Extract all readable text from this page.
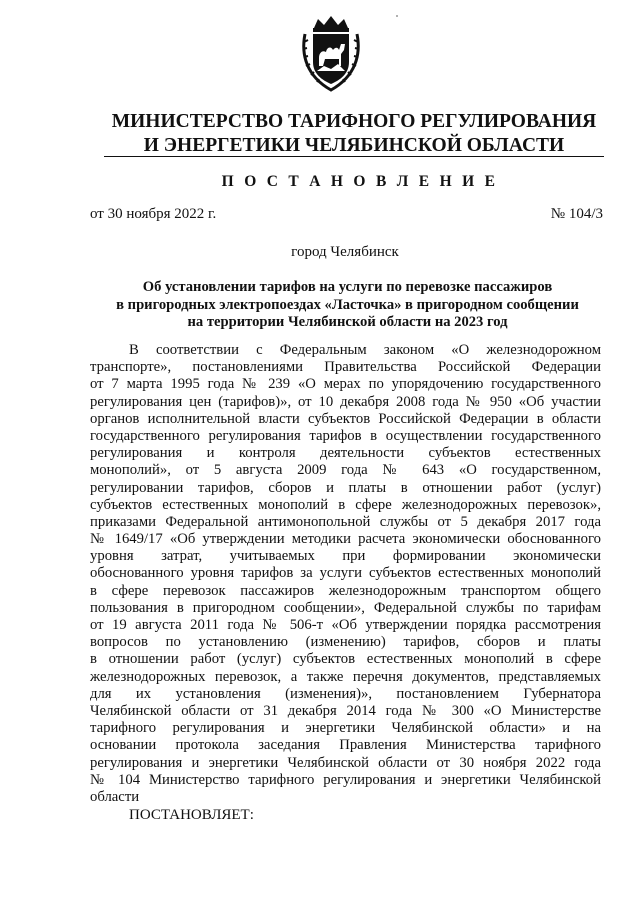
МИНИСТЕРСТВО ТАРИФНОГО РЕГУЛИРОВАНИЯ
И ЭНЕРГЕТИКИ ЧЕЛЯБИНСКОЙ ОБЛАСТИ
П О С Т А Н О В Л Е Н И Е
от 30 ноября 2022 г.	№ 104/3
город Челябинск
Об установлении тарифов на услуги по перевозке пассажиров
в пригородных электропоездах «Ласточка» в пригородном сообщении
на территории Челябинской области на 2023 год
В соответствии с Федеральным законом «О железнодорожном
транспорте», постановлениями Правительства Российской Федерации
от 7 марта 1995 года № 239 «О мерах по упорядочению государственного
регулирования цен (тарифов)», от 10 декабря 2008 года № 950 «Об участии
органов исполнительной власти субъектов Российской Федерации в области
государственного регулирования тарифов в осуществлении государственного
регулирования и контроля деятельности субъектов естественных
монополий», от 5 августа 2009 года № 643 «О государственном,
регулировании тарифов, сборов и платы в отношении работ (услуг)
субъектов естественных монополий в сфере железнодорожных перевозок»,
приказами Федеральной антимонопольной службы от 5 декабря 2017 года
№ 1649/17 «Об утверждении методики расчета экономически обоснованного
уровня затрат, учитываемых при формировании экономически
обоснованного уровня тарифов за услуги субъектов естественных монополий
в сфере перевозок пассажиров железнодорожным транспортом общего
пользования в пригородном сообщении», Федеральной службы по тарифам
от 19 августа 2011 года № 506-т «Об утверждении порядка рассмотрения
вопросов по установлению (изменению) тарифов, сборов и платы
в отношении работ (услуг) субъектов естественных монополий в сфере
железнодорожных перевозок, а также перечня документов, представляемых
для их установления (изменения)», постановлением Губернатора
Челябинской области от 31 декабря 2014 года № 300 «О Министерстве
тарифного регулирования и энергетики Челябинской области» и на
основании протокола заседания Правления Министерства тарифного
регулирования и энергетики Челябинской области от 30 ноября 2022 года
№ 104 Министерство тарифного регулирования и энергетики Челябинской
области
ПОСТАНОВЛЯЕТ:
